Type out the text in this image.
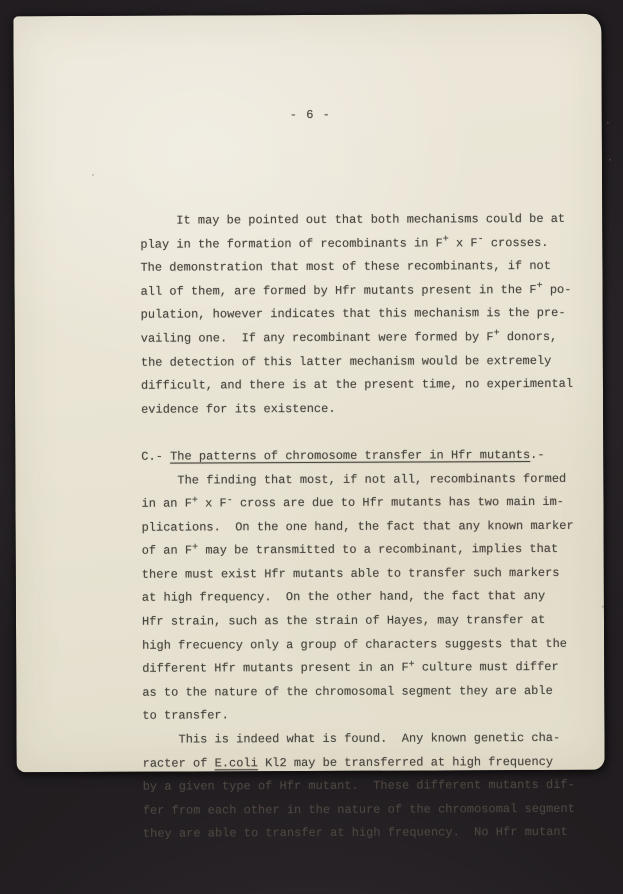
- 6 -

It may be pointed out that both mechanisms could be at
play in the formation of recombinants in F+ x F- crosses.
The demonstration that most of these recombinants, if not
all of them, are formed by Hfr mutants present in the F+ po-
pulation, however indicates that this mechanism is the pre-
vailing one.  If any recombinant were formed by F+ donors,
the detection of this latter mechanism would be extremely
difficult, and there is at the present time, no experimental
evidence for its existence.
C.- The patterns of chromosome transfer in Hfr mutants.-
The finding that most, if not all, recombinants formed
in an F+ x F- cross are due to Hfr mutants has two main im-
plications.  On the one hand, the fact that any known marker
of an F+ may be transmitted to a recombinant, implies that
there must exist Hfr mutants able to transfer such markers
at high frequency.  On the other hand, the fact that any
Hfr strain, such as the strain of Hayes, may transfer at
high frecuency only a group of characters suggests that the
different Hfr mutants present in an F+ culture must differ
as to the nature of the chromosomal segment they are able
to transfer.
This is indeed what is found.  Any known genetic cha-
racter of E.coli Kl2 may be transferred at high frequency
by a given type of Hfr mutant.  These different mutants dif-
fer from each other in the nature of the chromosomal segment
they are able to transfer at high frequency.  No Hfr mutant
